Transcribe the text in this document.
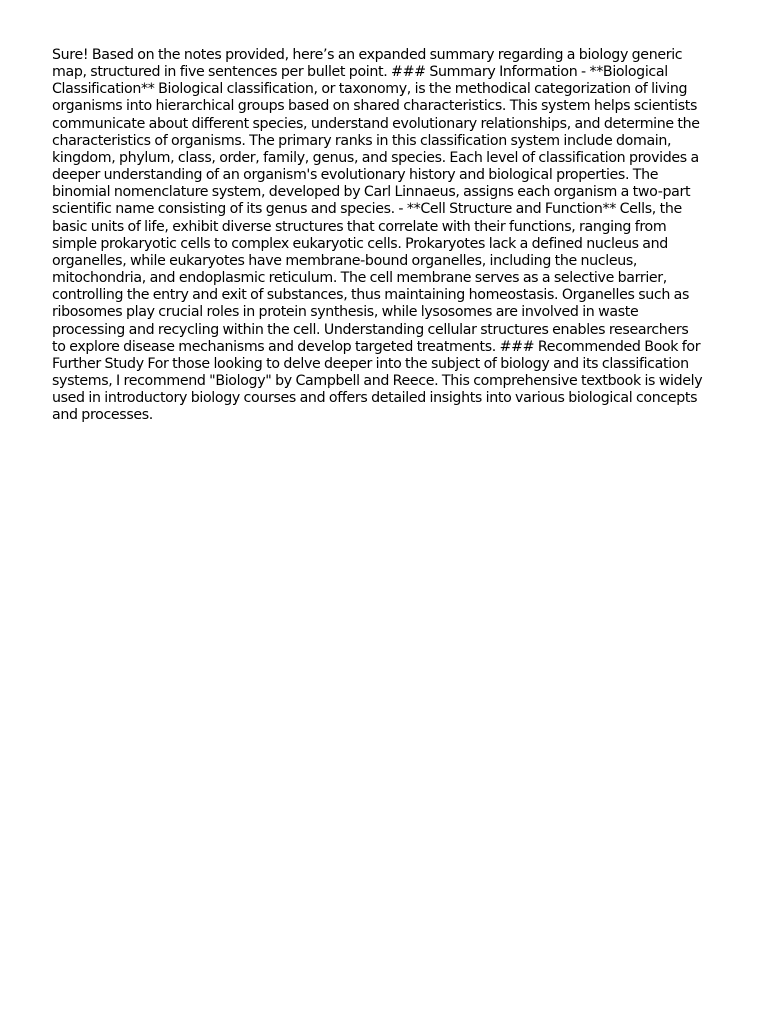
Sure! Based on the notes provided, here’s an expanded summary regarding a biology generic
map, structured in five sentences per bullet point. ### Summary Information - **Biological
Classification** Biological classification, or taxonomy, is the methodical categorization of living
organisms into hierarchical groups based on shared characteristics. This system helps scientists
communicate about different species, understand evolutionary relationships, and determine the
characteristics of organisms. The primary ranks in this classification system include domain,
kingdom, phylum, class, order, family, genus, and species. Each level of classification provides a
deeper understanding of an organism's evolutionary history and biological properties. The
binomial nomenclature system, developed by Carl Linnaeus, assigns each organism a two-part
scientific name consisting of its genus and species. - **Cell Structure and Function** Cells, the
basic units of life, exhibit diverse structures that correlate with their functions, ranging from
simple prokaryotic cells to complex eukaryotic cells. Prokaryotes lack a defined nucleus and
organelles, while eukaryotes have membrane-bound organelles, including the nucleus,
mitochondria, and endoplasmic reticulum. The cell membrane serves as a selective barrier,
controlling the entry and exit of substances, thus maintaining homeostasis. Organelles such as
ribosomes play crucial roles in protein synthesis, while lysosomes are involved in waste
processing and recycling within the cell. Understanding cellular structures enables researchers
to explore disease mechanisms and develop targeted treatments. ### Recommended Book for
Further Study For those looking to delve deeper into the subject of biology and its classification
systems, I recommend "Biology" by Campbell and Reece. This comprehensive textbook is widely
used in introductory biology courses and offers detailed insights into various biological concepts
and processes.
